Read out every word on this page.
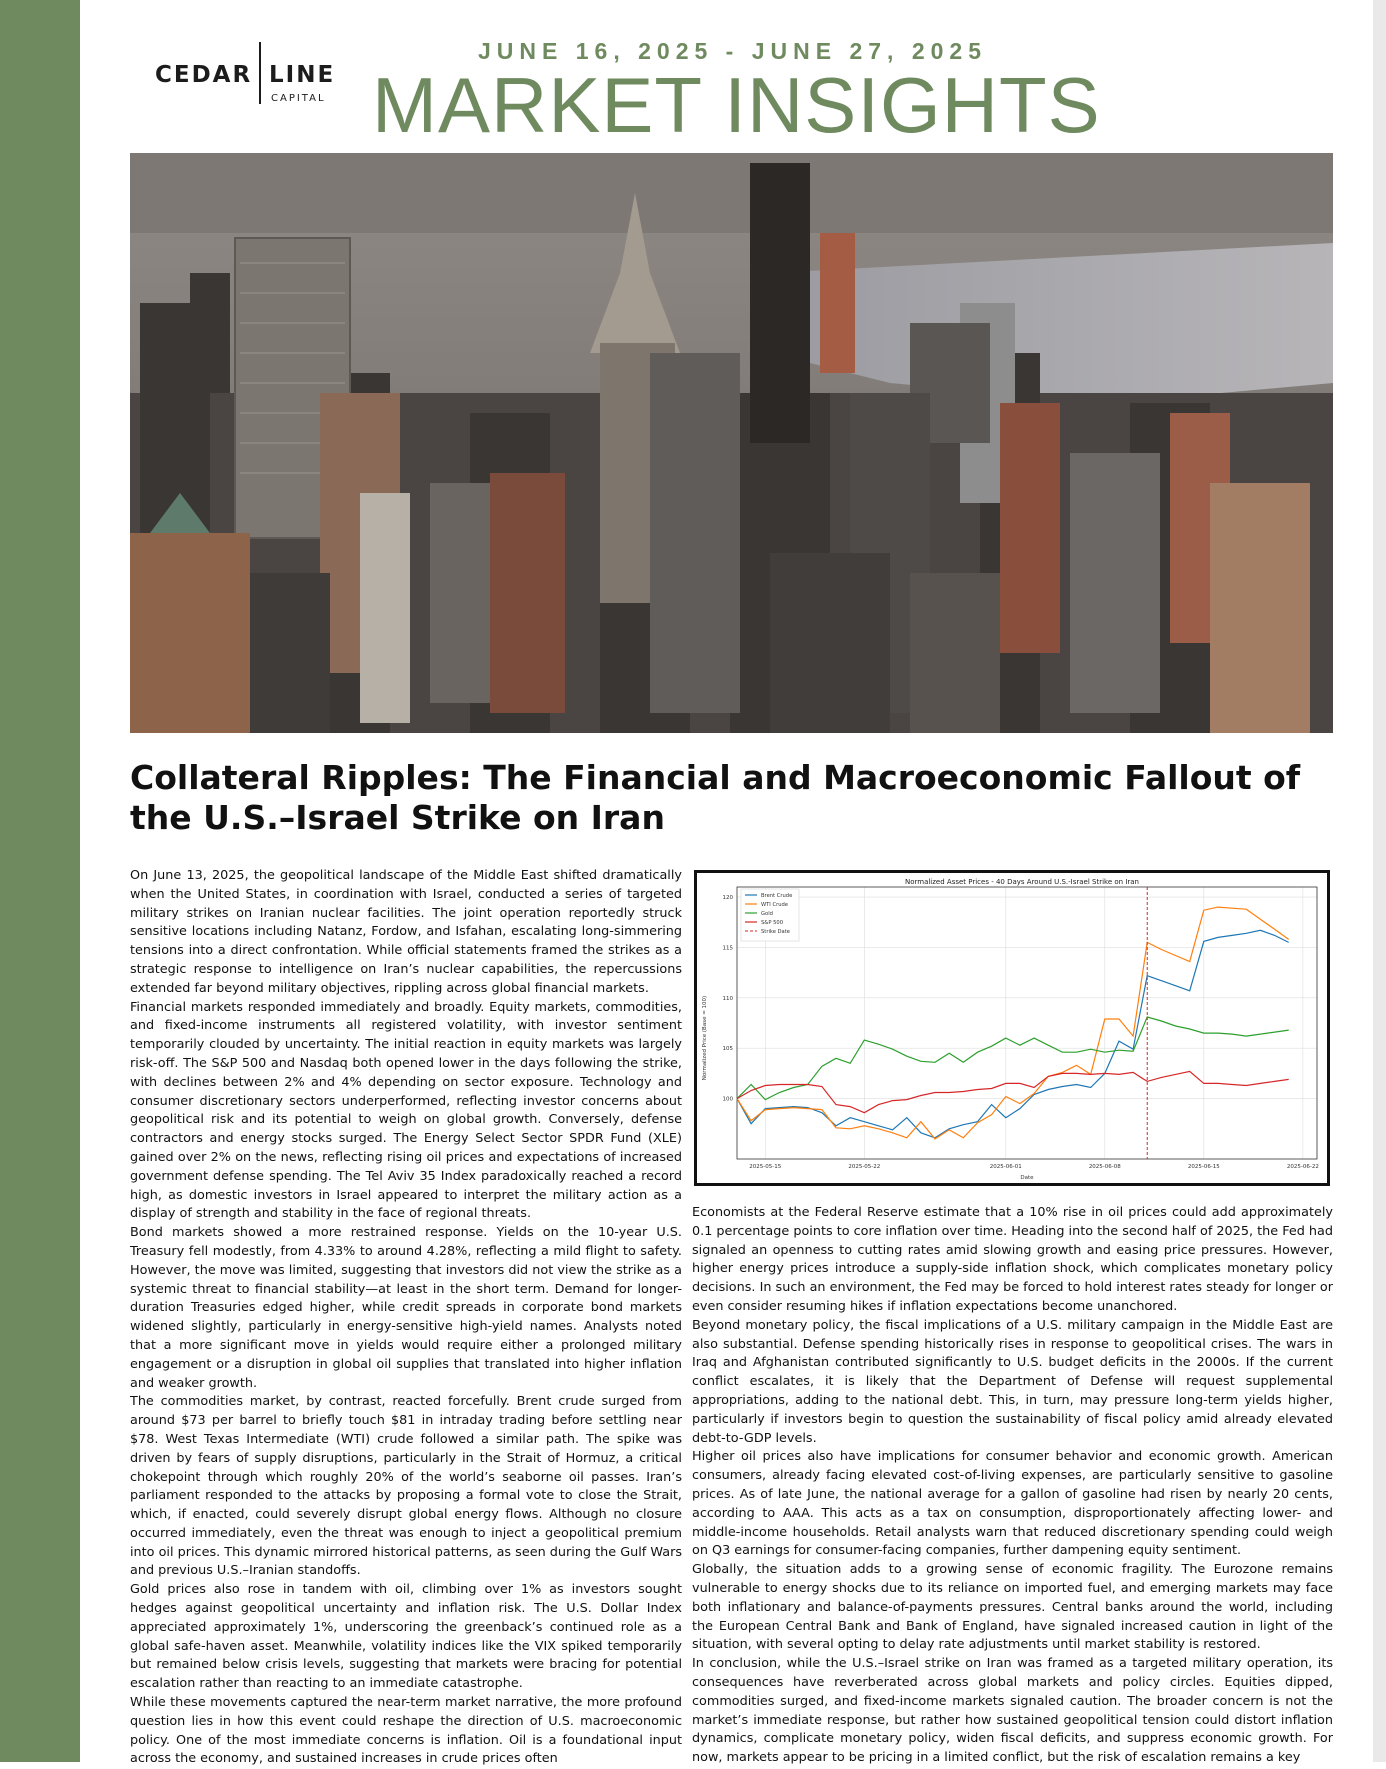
CEDAR LINE
CAPITAL
JUNE 16, 2025 - JUNE 27, 2025
MARKET INSIGHTS
Collateral Ripples: The Financial and Macroeconomic Fallout of the U.S.–Israel Strike on Iran

On June 13, 2025, the geopolitical landscape of the Middle East shifted dramatically when the United States, in coordination with Israel, conducted a series of targeted military strikes on Iranian nuclear facilities. The joint operation reportedly struck sensitive locations including Natanz, Fordow, and Isfahan, escalating long-simmering tensions into a direct confrontation. While official statements framed the strikes as a strategic response to intelligence on Iran’s nuclear capabilities, the repercussions extended far beyond military objectives, rippling across global financial markets.

Financial markets responded immediately and broadly. Equity markets, commodities, and fixed-income instruments all registered volatility, with investor sentiment temporarily clouded by uncertainty. The initial reaction in equity markets was largely risk-off. The S&P 500 and Nasdaq both opened lower in the days following the strike, with declines between 2% and 4% depending on sector exposure. Technology and consumer discretionary sectors underperformed, reflecting investor concerns about geopolitical risk and its potential to weigh on global growth. Conversely, defense contractors and energy stocks surged. The Energy Select Sector SPDR Fund (XLE) gained over 2% on the news, reflecting rising oil prices and expectations of increased government defense spending. The Tel Aviv 35 Index paradoxically reached a record high, as domestic investors in Israel appeared to interpret the military action as a display of strength and stability in the face of regional threats.

Bond markets showed a more restrained response. Yields on the 10-year U.S. Treasury fell modestly, from 4.33% to around 4.28%, reflecting a mild flight to safety. However, the move was limited, suggesting that investors did not view the strike as a systemic threat to financial stability—at least in the short term. Demand for longer-duration Treasuries edged higher, while credit spreads in corporate bond markets widened slightly, particularly in energy-sensitive high-yield names. Analysts noted that a more significant move in yields would require either a prolonged military engagement or a disruption in global oil supplies that translated into higher inflation and weaker growth.

The commodities market, by contrast, reacted forcefully. Brent crude surged from around $73 per barrel to briefly touch $81 in intraday trading before settling near $78. West Texas Intermediate (WTI) crude followed a similar path. The spike was driven by fears of supply disruptions, particularly in the Strait of Hormuz, a critical chokepoint through which roughly 20% of the world’s seaborne oil passes. Iran’s parliament responded to the attacks by proposing a formal vote to close the Strait, which, if enacted, could severely disrupt global energy flows. Although no closure occurred immediately, even the threat was enough to inject a geopolitical premium into oil prices. This dynamic mirrored historical patterns, as seen during the Gulf Wars and previous U.S.–Iranian standoffs.

Gold prices also rose in tandem with oil, climbing over 1% as investors sought hedges against geopolitical uncertainty and inflation risk. The U.S. Dollar Index appreciated approximately 1%, underscoring the greenback’s continued role as a global safe-haven asset. Meanwhile, volatility indices like the VIX spiked temporarily but remained below crisis levels, suggesting that markets were bracing for potential escalation rather than reacting to an immediate catastrophe.

While these movements captured the near-term market narrative, the more profound question lies in how this event could reshape the direction of U.S. macroeconomic policy. One of the most immediate concerns is inflation. Oil is a foundational input across the economy, and sustained increases in crude prices often

Normalized Asset Prices - 40 Days Around U.S.-Israel Strike on Iran
Normalized Price (Base = 100)
Date
100
105
110
115
120
2025-05-15	2025-05-22	2025-06-01	2025-06-08	2025-06-15	2025-06-22
Brent Crude
WTI Crude
Gold
S&P 500
Strike Date

Economists at the Federal Reserve estimate that a 10% rise in oil prices could add approximately 0.1 percentage points to core inflation over time. Heading into the second half of 2025, the Fed had signaled an openness to cutting rates amid slowing growth and easing price pressures. However, higher energy prices introduce a supply-side inflation shock, which complicates monetary policy decisions. In such an environment, the Fed may be forced to hold interest rates steady for longer or even consider resuming hikes if inflation expectations become unanchored.

Beyond monetary policy, the fiscal implications of a U.S. military campaign in the Middle East are also substantial. Defense spending historically rises in response to geopolitical crises. The wars in Iraq and Afghanistan contributed significantly to U.S. budget deficits in the 2000s. If the current conflict escalates, it is likely that the Department of Defense will request supplemental appropriations, adding to the national debt. This, in turn, may pressure long-term yields higher, particularly if investors begin to question the sustainability of fiscal policy amid already elevated debt-to-GDP levels.

Higher oil prices also have implications for consumer behavior and economic growth. American consumers, already facing elevated cost-of-living expenses, are particularly sensitive to gasoline prices. As of late June, the national average for a gallon of gasoline had risen by nearly 20 cents, according to AAA. This acts as a tax on consumption, disproportionately affecting lower- and middle-income households. Retail analysts warn that reduced discretionary spending could weigh on Q3 earnings for consumer-facing companies, further dampening equity sentiment.

Globally, the situation adds to a growing sense of economic fragility. The Eurozone remains vulnerable to energy shocks due to its reliance on imported fuel, and emerging markets may face both inflationary and balance-of-payments pressures. Central banks around the world, including the European Central Bank and Bank of England, have signaled increased caution in light of the situation, with several opting to delay rate adjustments until market stability is restored.

In conclusion, while the U.S.–Israel strike on Iran was framed as a targeted military operation, its consequences have reverberated across global markets and policy circles. Equities dipped, commodities surged, and fixed-income markets signaled caution. The broader concern is not the market’s immediate response, but rather how sustained geopolitical tension could distort inflation dynamics, complicate monetary policy, widen fiscal deficits, and suppress economic growth. For now, markets appear to be pricing in a limited conflict, but the risk of escalation remains a key
